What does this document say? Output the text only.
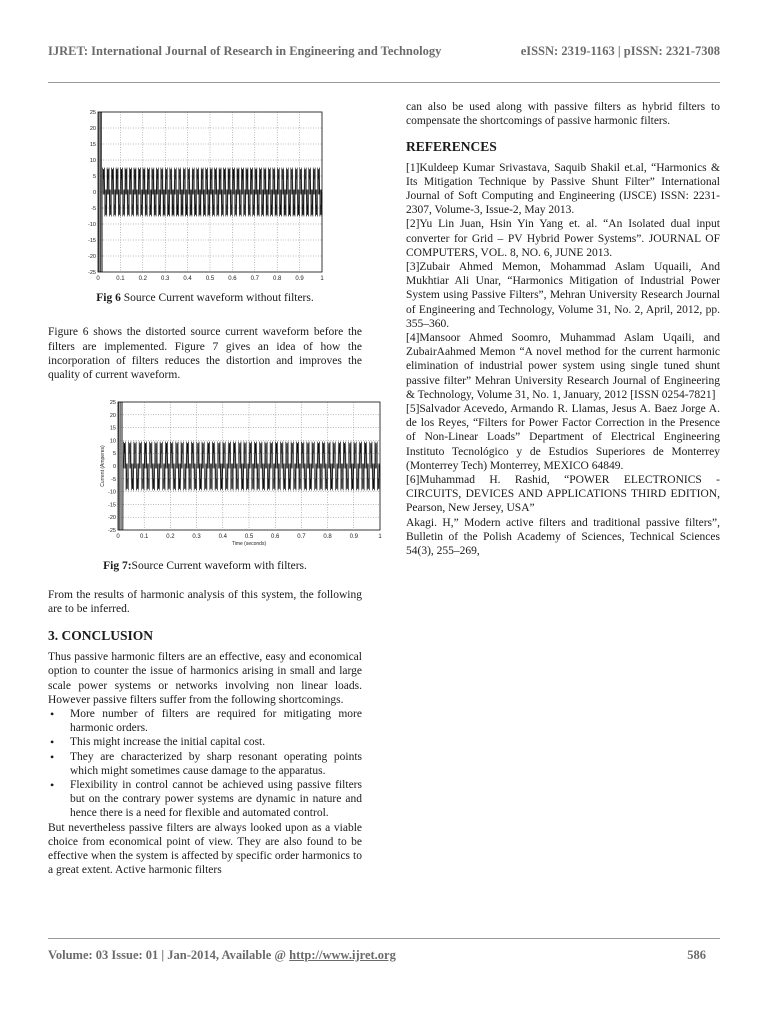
IJRET: International Journal of Research in Engineering and Technology	eISSN: 2319-1163 | pISSN: 2321-7308
0	0.1 0.2 0.3 0.4 0.5 0.6 0.7 0.8 0.9	1
25
20
15
10
5
0
-5
-10
-15
-20
-25
Fig 6 Source Current waveform without filters.

Figure 6 shows the distorted source current waveform before the filters are implemented. Figure 7 gives an idea of how the incorporation of filters reduces the distortion and improves the quality of current waveform.

0	0.1	0.2	0.3	0.4	0.5	0.6	0.7	0.8	0.9	1
25
20
15
10
5
0
-5
-10
-15
-20
-25
Time (seconds)
Current (Amperes)
Fig 7:Source Current waveform with filters.

From the results of harmonic analysis of this system, the following are to be inferred.

3. CONCLUSION

Thus passive harmonic filters are an effective, easy and economical option to counter the issue of harmonics arising in small and large scale power systems or networks involving non linear loads. However passive filters suffer from the following shortcomings.

• More number of filters are required for mitigating more harmonic orders.
• This might increase the initial capital cost.
• They are characterized by sharp resonant operating points which might sometimes cause damage to the apparatus.
• Flexibility in control cannot be achieved using passive filters but on the contrary power systems are dynamic in nature and hence there is a need for flexible and automated control.

But nevertheless passive filters are always looked upon as a viable choice from economical point of view. They are also found to be effective when the system is affected by specific order harmonics to a great extent. Active harmonic filters

can also be used along with passive filters as hybrid filters to compensate the shortcomings of passive harmonic filters.

REFERENCES

[1]Kuldeep Kumar Srivastava, Saquib Shakil et.al, “Harmonics & Its Mitigation Technique by Passive Shunt Filter” International Journal of Soft Computing and Engineering (IJSCE) ISSN: 2231-2307, Volume-3, Issue-2, May 2013.

[2]Yu Lin Juan, Hsin Yin Yang et. al. “An Isolated dual input converter for Grid – PV Hybrid Power Systems”. JOURNAL OF COMPUTERS, VOL. 8, NO. 6, JUNE 2013.

[3]Zubair Ahmed Memon, Mohammad Aslam Uquaili, And Mukhtiar Ali Unar, “Harmonics Mitigation of Industrial Power System using Passive Filters”, Mehran University Research Journal of Engineering and Technology, Volume 31, No. 2, April, 2012, pp. 355–360.

[4]Mansoor Ahmed Soomro, Muhammad Aslam Uqaili, and ZubairAahmed Memon “A novel method for the current harmonic elimination of industrial power system using single tuned shunt passive filter” Mehran University Research Journal of Engineering & Technology, Volume 31, No. 1, January, 2012 [ISSN 0254-7821]

[5]Salvador Acevedo, Armando R. Llamas, Jesus A. Baez Jorge A. de los Reyes, “Filters for Power Factor Correction in the Presence of Non-Linear Loads” Department of Electrical Engineering Instituto Tecnológico y de Estudios Superiores de Monterrey (Monterrey Tech) Monterrey, MEXICO 64849.

[6]Muhammad H. Rashid, “POWER ELECTRONICS - CIRCUITS, DEVICES AND APPLICATIONS THIRD EDITION, Pearson, New Jersey, USA”

Akagi. H,” Modern active filters and traditional passive filters”, Bulletin of the Polish Academy of Sciences, Technical Sciences 54(3), 255–269,

Volume: 03 Issue: 01 | Jan-2014, Available @ http://www.ijret.org	586
